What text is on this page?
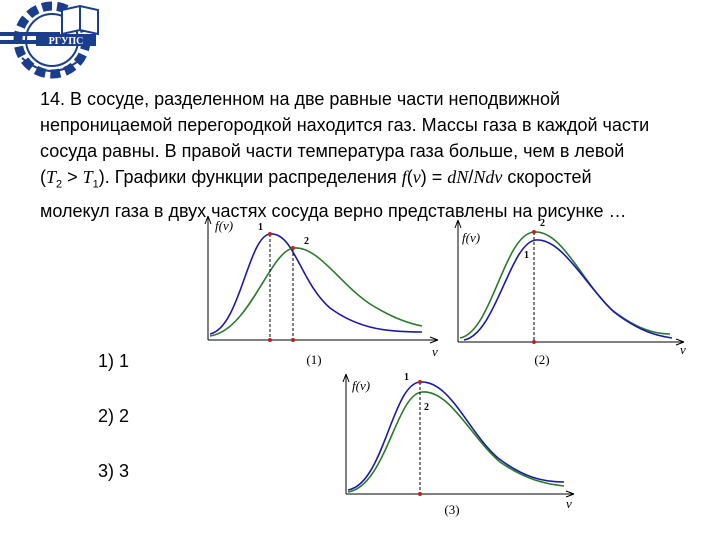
РГУПС
14. В сосуде, разделенном на две равные части неподвижной
непроницаемой перегородкой находится газ. Массы газа в каждой части
сосуда равны. В правой части температура газа больше, чем в левой
$(T_2 > T_1)$. Графики функции распределения f(v) = dN/Ndv скоростей
молекул газа в двух частях сосуда верно представлены на рисунке …
1) 1
2) 2
3) 3
f(v)
v
(1)
1
2	f(v)
v
(2)
2
1
f(v)
v
(3)
1
2
